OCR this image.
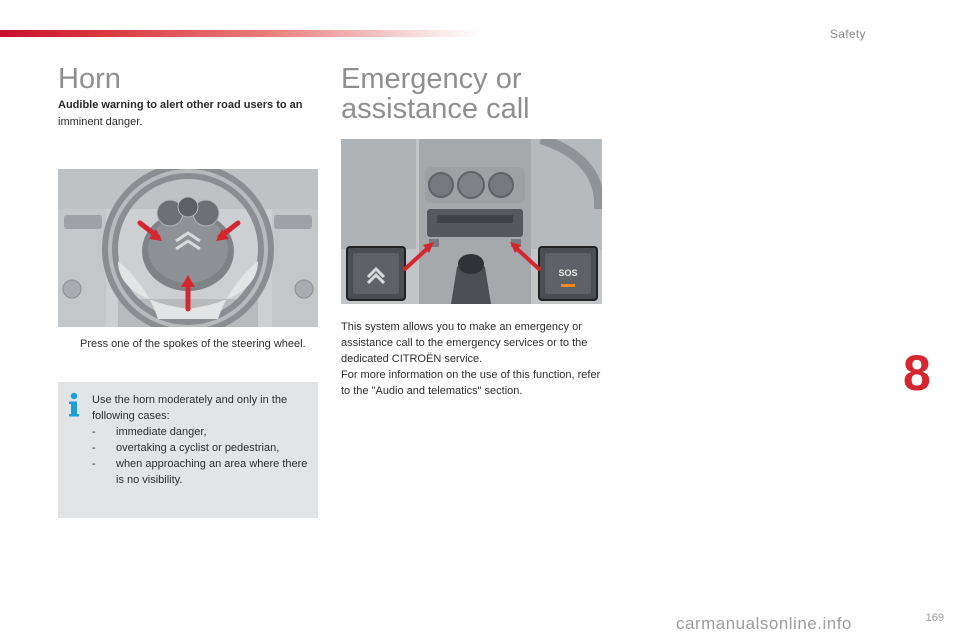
Safety
Horn
Audible warning to alert other road users to an
imminent danger.
Press one of the spokes of the steering wheel.
Use the horn moderately and only in the following cases:
- immediate danger,
- overtaking a cyclist or pedestrian,
- when approaching an area where there is no visibility.
Emergency or
assistance call
SOS
This system allows you to make an emergency or assistance call to the emergency services or to the dedicated CITROËN service.
For more information on the use of this function, refer to the "Audio and telematics" section.	8
carmanualsonline.info	169
